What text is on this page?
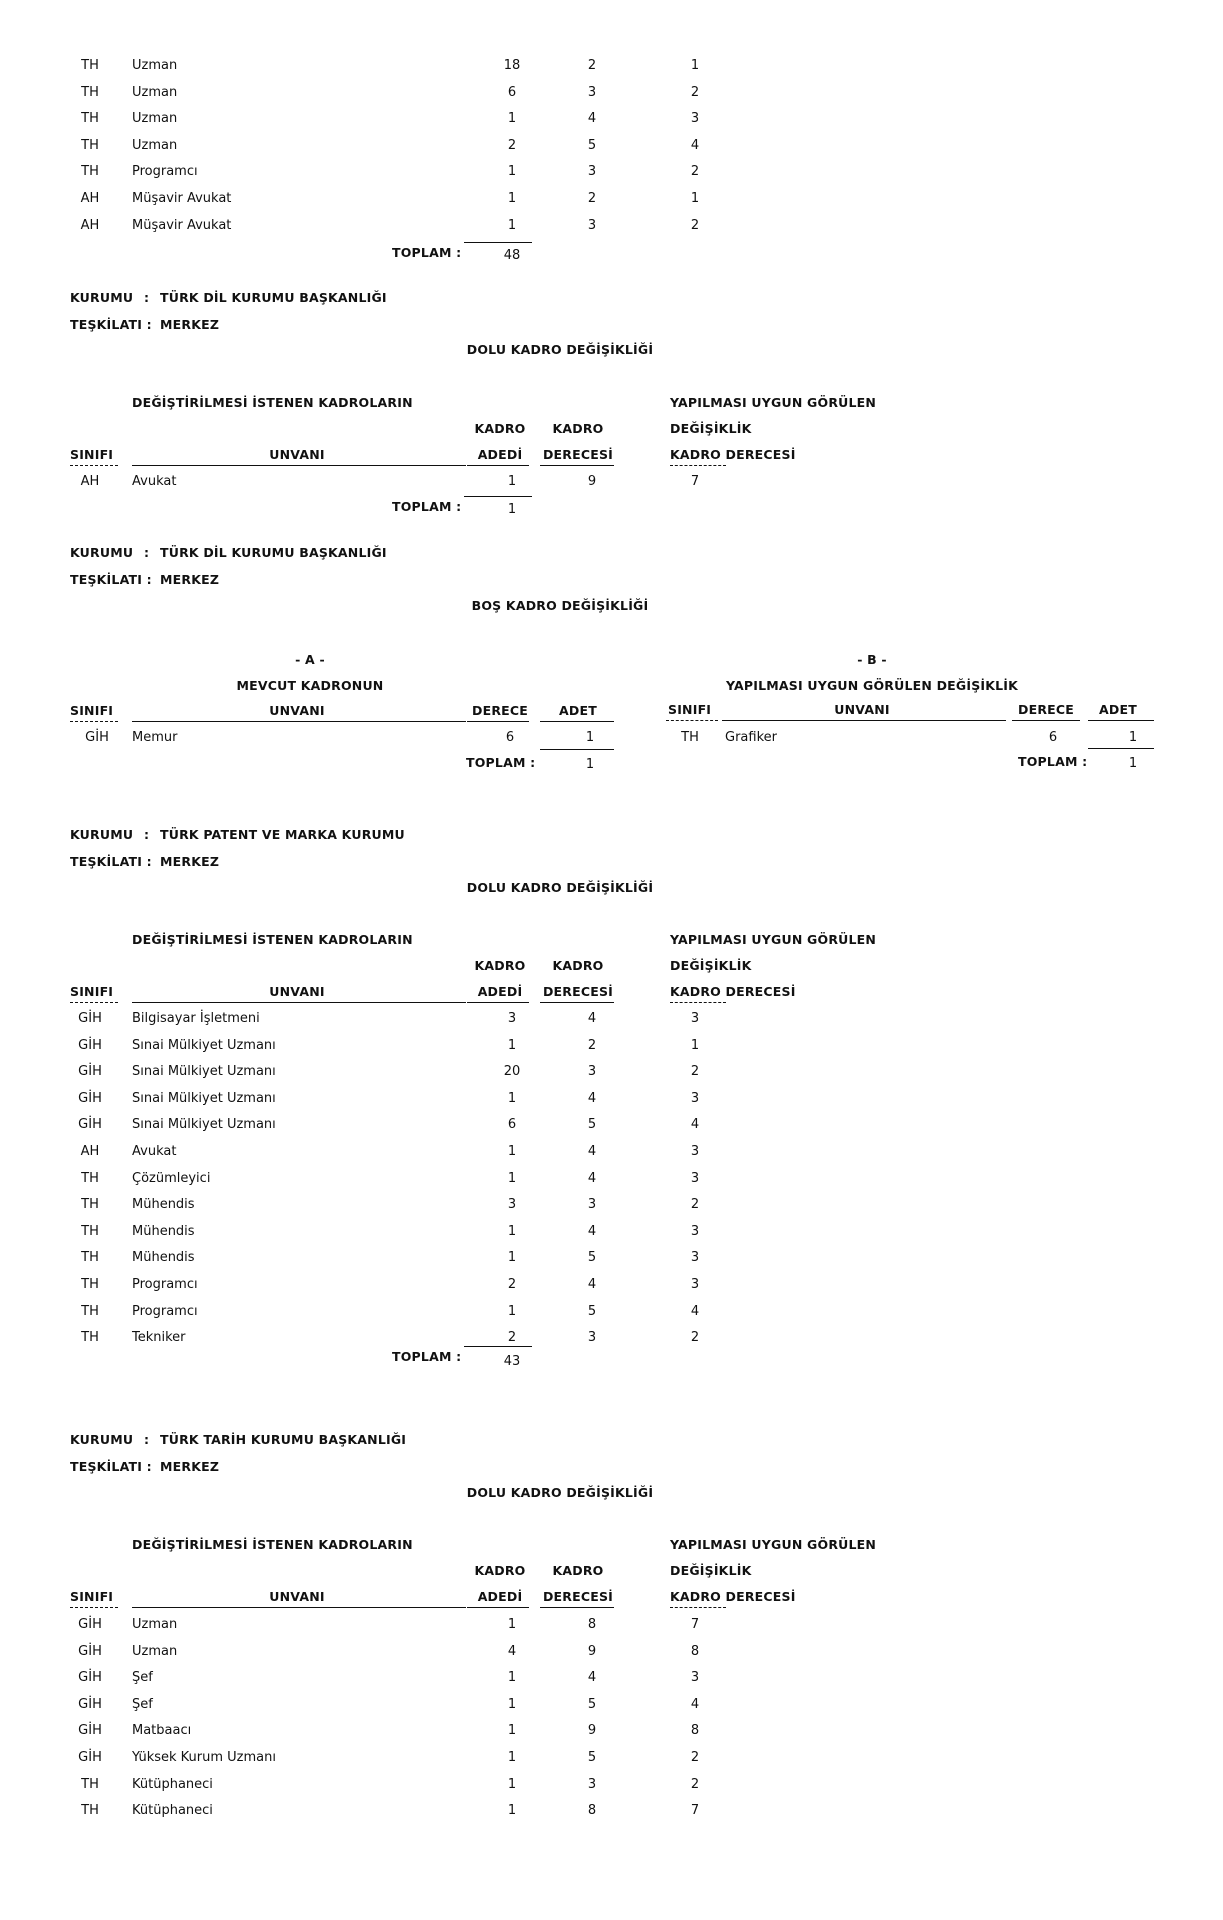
TH	Uzman	18	2	1
TH	Uzman	6	3	2
TH	Uzman	1	4	3
TH	Uzman	2	5	4
TH	Programcı	1	3	2
AH	Müşavir Avukat	1	2	1
AH	Müşavir Avukat	1	3	2
TOPLAM :	48
KURUMU : TÜRK DİL KURUMU BAŞKANLIĞI
TEŞKİLATI : MERKEZ
DOLU KADRO DEĞİŞİKLİĞİ
DEĞİŞTİRİLMESİ İSTENEN KADROLARIN	YAPILMASI UYGUN GÖRÜLEN
KADRO KADRO	DEĞİŞİKLİK
SINIFI	UNVANI	ADEDİ DERECESİ	KADRO DERECESİ
AH	Avukat	1	9	7
TOPLAM :	1
KURUMU : TÜRK DİL KURUMU BAŞKANLIĞI
TEŞKİLATI : MERKEZ
BOŞ KADRO DEĞİŞİKLİĞİ
- A -	- B -
MEVCUT KADRONUN	YAPILMASI UYGUN GÖRÜLEN DEĞİŞİKLİK
SINIFI	UNVANI	DERECE ADET	SINIFI	UNVANI	DERECE ADET
GİH Memur	6	1
TOPLAM :	1
TH Grafiker	6	1
TOPLAM :	1
KURUMU : TÜRK PATENT VE MARKA KURUMU
TEŞKİLATI : MERKEZ
DOLU KADRO DEĞİŞİKLİĞİ
DEĞİŞTİRİLMESİ İSTENEN KADROLARIN	YAPILMASI UYGUN GÖRÜLEN
KADRO KADRO	DEĞİŞİKLİK
SINIFI	UNVANI	ADEDİ DERECESİ	KADRO DERECESİ
GİH Bilgisayar İşletmeni	3	4	3
GİH Sınai Mülkiyet Uzmanı	1	2	1
GİH Sınai Mülkiyet Uzmanı	20	3	2
GİH Sınai Mülkiyet Uzmanı	1	4	3
GİH Sınai Mülkiyet Uzmanı	6	5	4
AH	Avukat	1	4	3
TH	Çözümleyici	1	4	3
TH	Mühendis	3	3	2
TH	Mühendis	1	4	3
TH	Mühendis	1	5	3
TH	Programcı	2	4	3
TH	Programcı	1	5	4
TH	Tekniker	2	3	2
TOPLAM :	43
KURUMU : TÜRK TARİH KURUMU BAŞKANLIĞI
TEŞKİLATI : MERKEZ
DOLU KADRO DEĞİŞİKLİĞİ
DEĞİŞTİRİLMESİ İSTENEN KADROLARIN	YAPILMASI UYGUN GÖRÜLEN
KADRO KADRO	DEĞİŞİKLİK
SINIFI	UNVANI	ADEDİ DERECESİ	KADRO DERECESİ
GİH Uzman	1	8	7
GİH Uzman	4	9	8
GİH Şef	1	4	3
GİH Şef	1	5	4
GİH Matbaacı	1	9	8
GİH Yüksek Kurum Uzmanı	1	5	2
TH	Kütüphaneci	1	3	2
TH	Kütüphaneci	1	8	7
